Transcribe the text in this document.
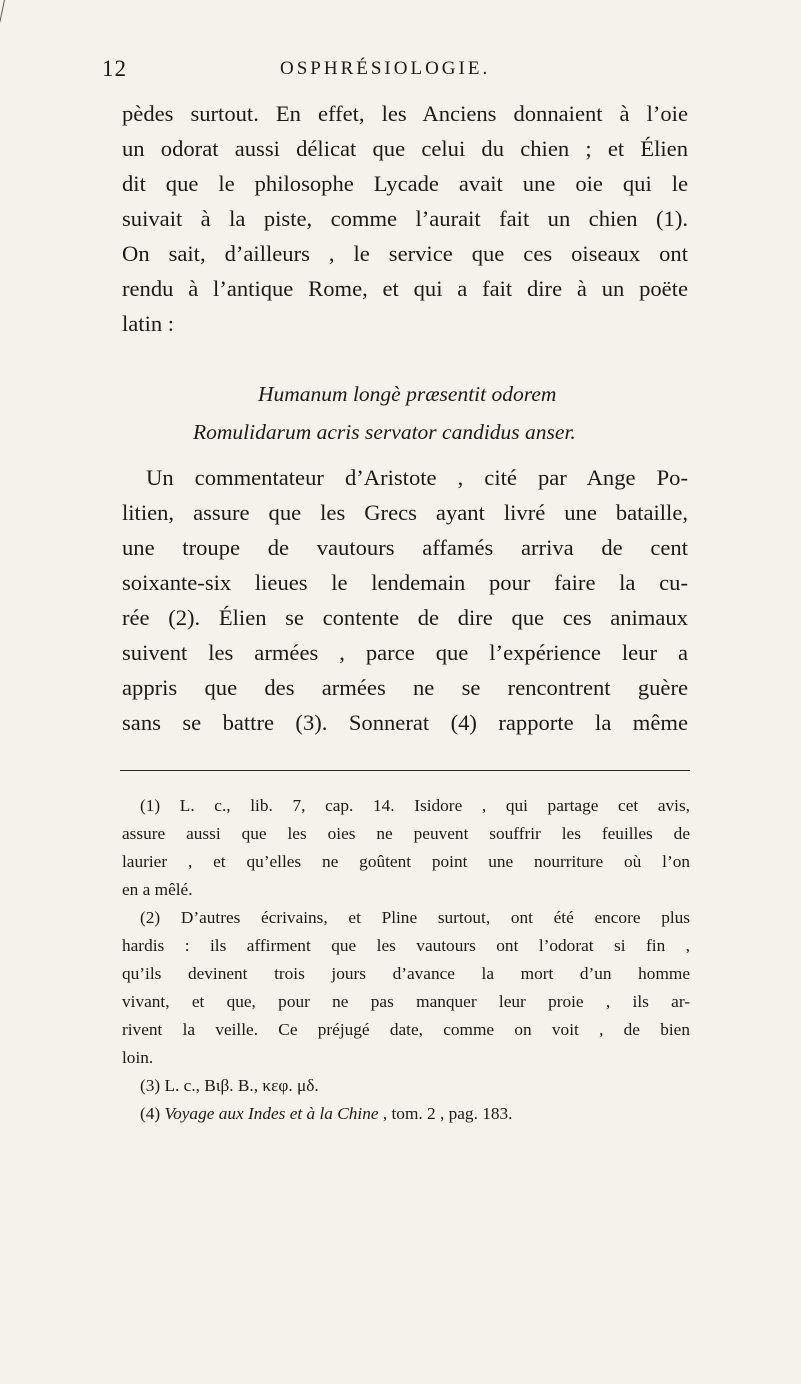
12	OSPHRÉSIOLOGIE.
pèdes surtout. En effet, les Anciens donnaient à l’oie
un odorat aussi délicat que celui du chien ; et Élien
dit que le philosophe Lycade avait une oie qui le
suivait à la piste, comme l’aurait fait un chien (1).
On sait, d’ailleurs , le service que ces oiseaux ont
rendu à l’antique Rome, et qui a fait dire à un poëte
latin :
Humanum longè præsentit odorem
Romulidarum acris servator candidus anser.
Un commentateur d’Aristote , cité par Ange Po-
litien, assure que les Grecs ayant livré une bataille,
une troupe de vautours affamés arriva de cent
soixante-six lieues le lendemain pour faire la cu-
rée (2). Élien se contente de dire que ces animaux
suivent les armées , parce que l’expérience leur a
appris que des armées ne se rencontrent guère
sans se battre (3). Sonnerat (4) rapporte la même
(1) L. c., lib. 7, cap. 14. Isidore , qui partage cet avis,
assure aussi que les oies ne peuvent souffrir les feuilles de
laurier , et qu’elles ne goûtent point une nourriture où l’on
en a mêlé.
(2) D’autres écrivains, et Pline surtout, ont été encore plus
hardis : ils affirment que les vautours ont l’odorat si fin ,
qu’ils devinent trois jours d’avance la mort d’un homme
vivant, et que, pour ne pas manquer leur proie , ils ar-
rivent la veille. Ce préjugé date, comme on voit , de bien
loin.
(3) L. c., Βιβ. Β., κεφ. μδ.
(4) Voyage aux Indes et à la Chine , tom. 2 , pag. 183.
